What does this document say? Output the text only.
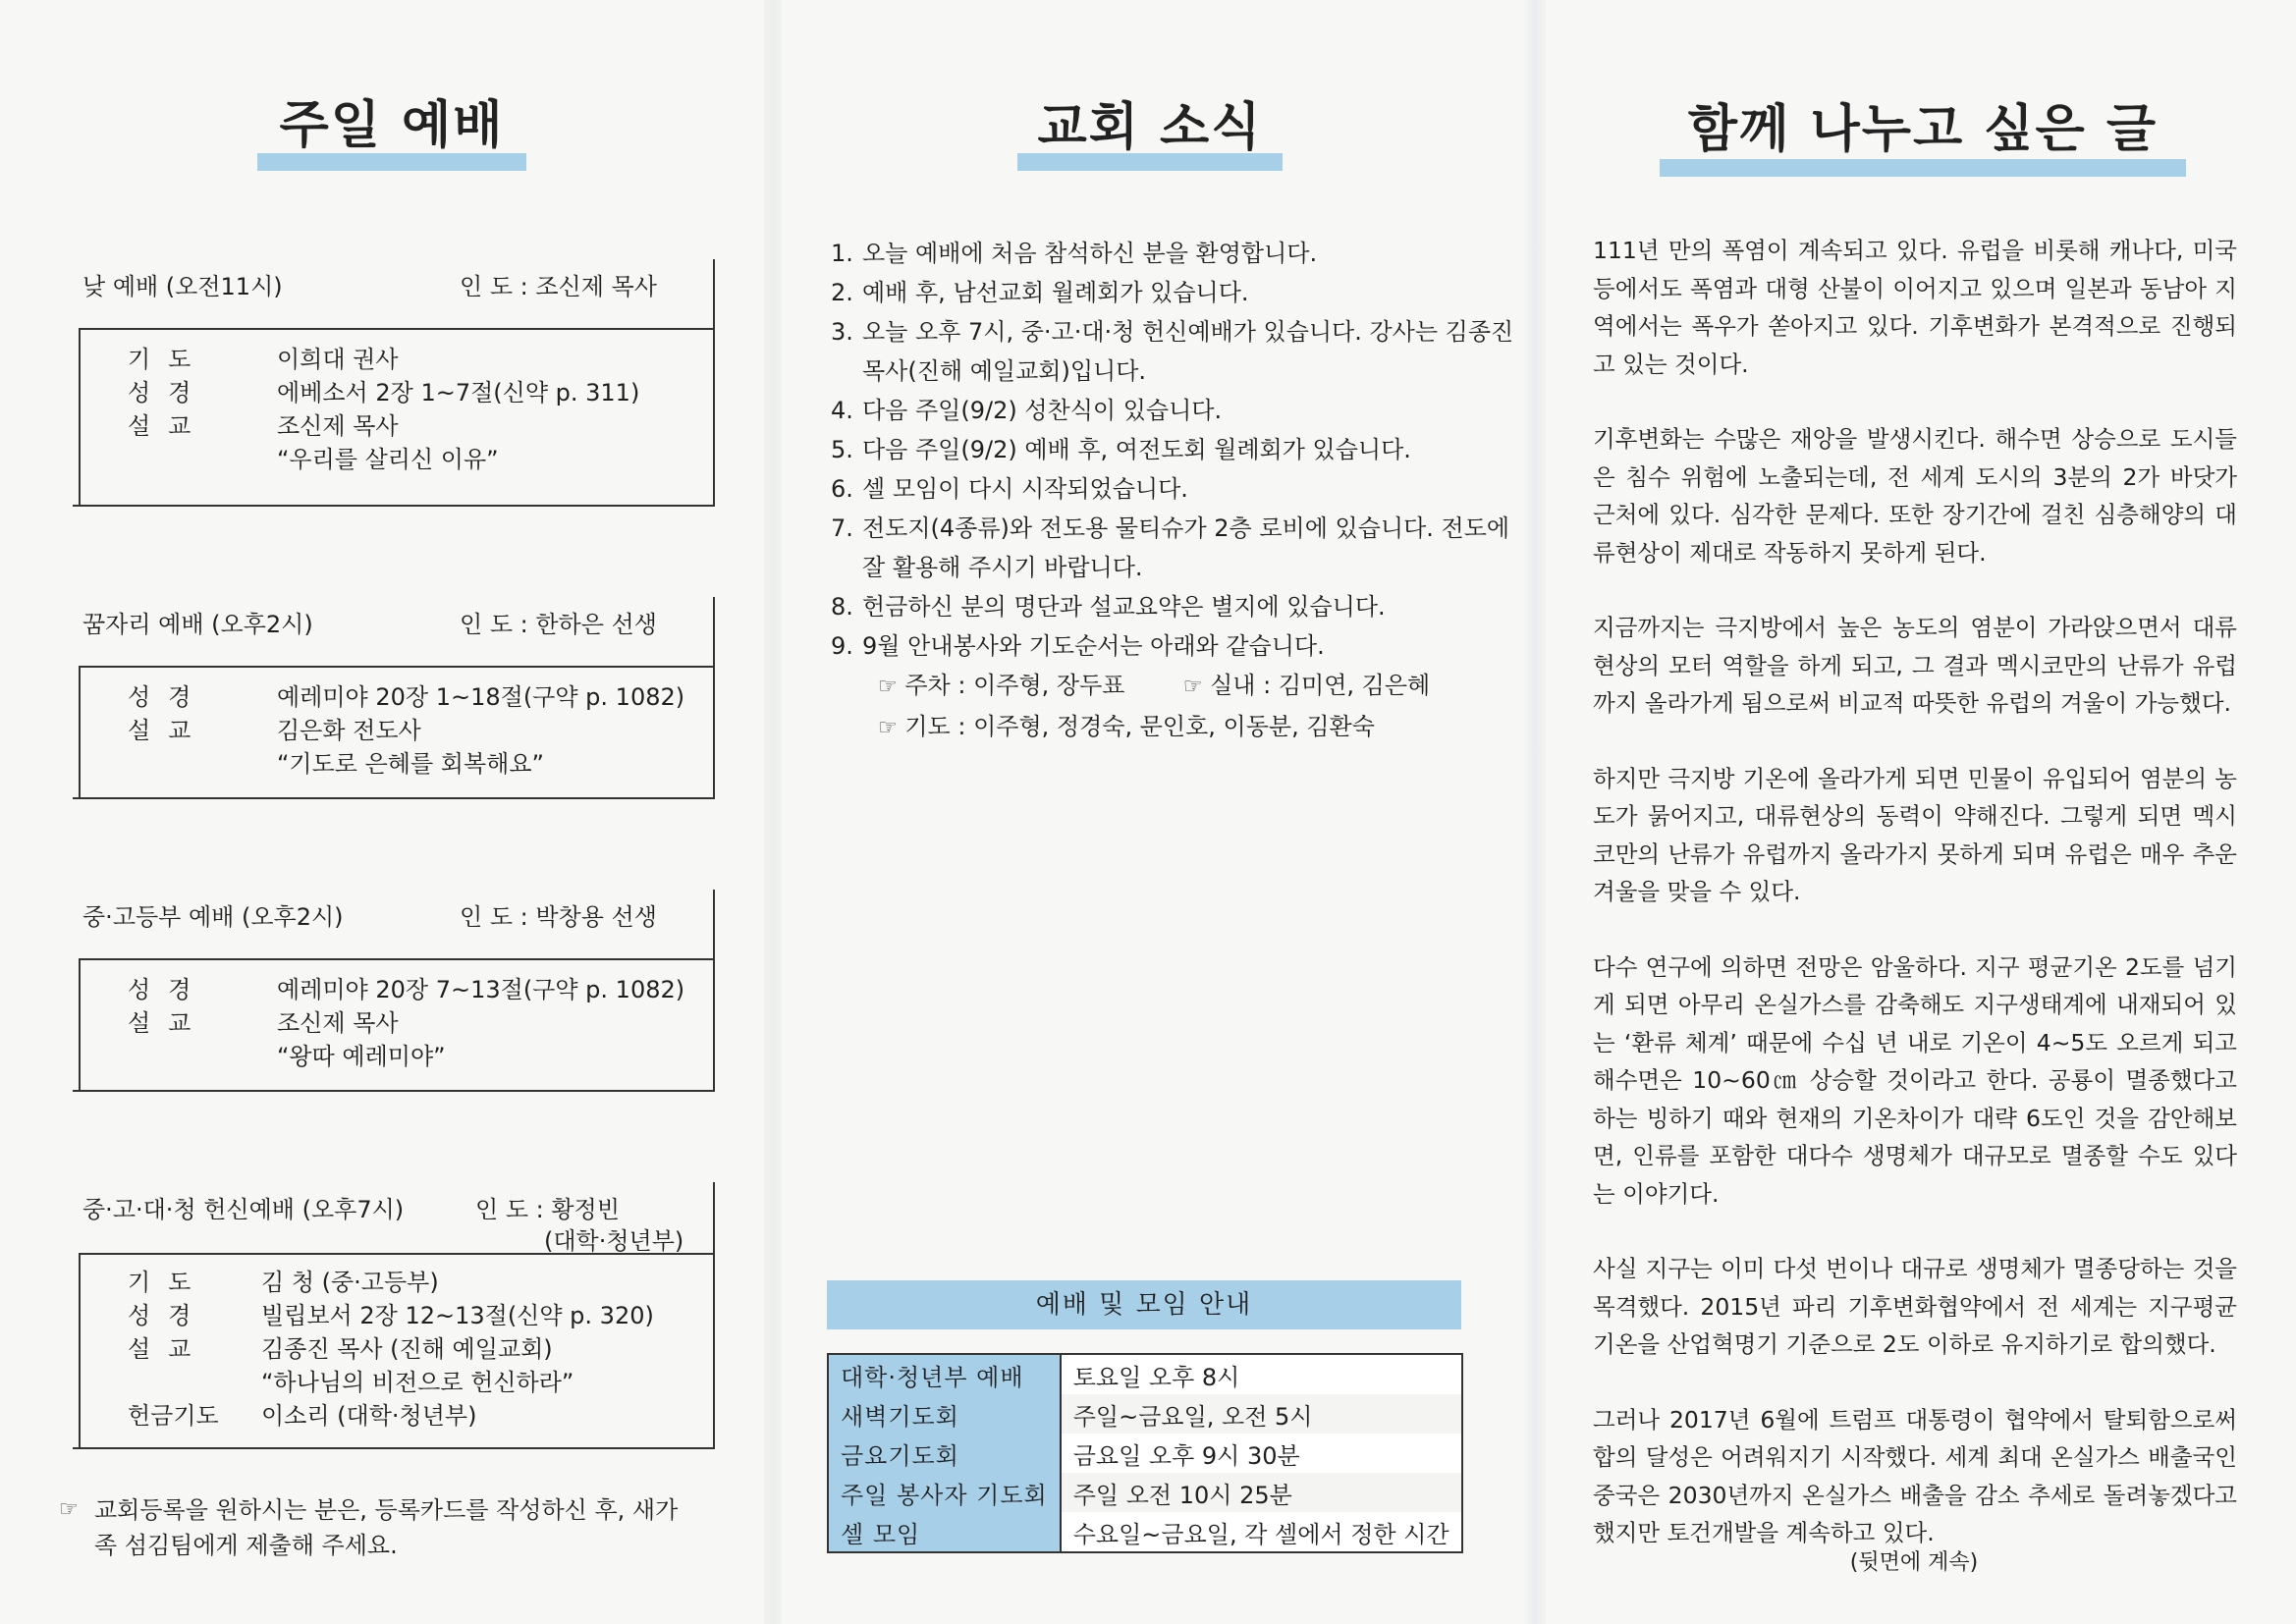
주일 예배
낮 예배 (오전11시)	인 도 : 조신제 목사
기도	이희대 권사
성경	에베소서 2장 1~7절(신약 p. 311)
설교	조신제 목사
“우리를 살리신 이유”
꿈자리 예배 (오후2시)	인 도 : 한하은 선생
성경	예레미야 20장 1~18절(구약 p. 1082)
설교	김은화 전도사
“기도로 은혜를 회복해요”
중·고등부 예배 (오후2시)	인 도 : 박창용 선생
성경	예레미야 20장 7~13절(구약 p. 1082)
설교	조신제 목사
“왕따 예레미야”
중·고·대·청 헌신예배 (오후7시)	인 도 : 황정빈
(대학·청년부)
기도 김 청 (중·고등부)
성경 빌립보서 2장 12~13절(신약 p. 320)
설교 김종진 목사 (진해 예일교회)
“하나님의 비전으로 헌신하라”
헌금기도 이소리 (대학·청년부)
☞ 교회등록을 원하시는 분은, 등록카드를 작성하신 후, 새가족 섬김팀에게 제출해 주세요.
교회 소식
1. 오늘 예배에 처음 참석하신 분을 환영합니다.
2. 예배 후, 남선교회 월례회가 있습니다.
3. 오늘 오후 7시, 중·고·대·청 헌신예배가 있습니다. 강사는 김종진 목사(진해 예일교회)입니다.
4. 다음 주일(9/2) 성찬식이 있습니다.
5. 다음 주일(9/2) 예배 후, 여전도회 월례회가 있습니다.
6. 셀 모임이 다시 시작되었습니다.
7. 전도지(4종류)와 전도용 물티슈가 2층 로비에 있습니다. 전도에 잘 활용해 주시기 바랍니다.
8. 헌금하신 분의 명단과 설교요약은 별지에 있습니다.
9. 9월 안내봉사와 기도순서는 아래와 같습니다.
☞ 주차 : 이주형, 장두표	☞ 실내 : 김미연, 김은혜
☞ 기도 : 이주형, 정경숙, 문인호, 이동분, 김환숙
예배 및 모임 안내
대학·청년부 예배	토요일 오후 8시
새벽기도회	주일~금요일, 오전 5시
금요기도회	금요일 오후 9시 30분
주일 봉사자 기도회	주일 오전 10시 25분
셀 모임	수요일~금요일, 각 셀에서 정한 시간
함께 나누고 싶은 글

111년 만의 폭염이 계속되고 있다. 유럽을 비롯해 캐나다, 미국 등에서도 폭염과 대형 산불이 이어지고 있으며 일본과 동남아 지역에서는 폭우가 쏟아지고 있다. 기후변화가 본격적으로 진행되고 있는 것이다.

기후변화는 수많은 재앙을 발생시킨다. 해수면 상승으로 도시들은 침수 위험에 노출되는데, 전 세계 도시의 3분의 2가 바닷가 근처에 있다. 심각한 문제다. 또한 장기간에 걸친 심층해양의 대류현상이 제대로 작동하지 못하게 된다.

지금까지는 극지방에서 높은 농도의 염분이 가라앉으면서 대류현상의 모터 역할을 하게 되고, 그 결과 멕시코만의 난류가 유럽까지 올라가게 됨으로써 비교적 따뜻한 유럽의 겨울이 가능했다.

하지만 극지방 기온에 올라가게 되면 민물이 유입되어 염분의 농도가 묽어지고, 대류현상의 동력이 약해진다. 그렇게 되면 멕시코만의 난류가 유럽까지 올라가지 못하게 되며 유럽은 매우 추운 겨울을 맞을 수 있다.

다수 연구에 의하면 전망은 암울하다. 지구 평균기온 2도를 넘기게 되면 아무리 온실가스를 감축해도 지구생태계에 내재되어 있는 ‘환류 체계’ 때문에 수십 년 내로 기온이 4~5도 오르게 되고 해수면은 10~60㎝ 상승할 것이라고 한다. 공룡이 멸종했다고 하는 빙하기 때와 현재의 기온차이가 대략 6도인 것을 감안해보면, 인류를 포함한 대다수 생명체가 대규모로 멸종할 수도 있다는 이야기다.

사실 지구는 이미 다섯 번이나 대규로 생명체가 멸종당하는 것을 목격했다. 2015년 파리 기후변화협약에서 전 세계는 지구평균기온을 산업혁명기 기준으로 2도 이하로 유지하기로 합의했다.

그러나 2017년 6월에 트럼프 대통령이 협약에서 탈퇴함으로써 합의 달성은 어려워지기 시작했다. 세계 최대 온실가스 배출국인 중국은 2030년까지 온실가스 배출을 감소 추세로 돌려놓겠다고 했지만 토건개발을 계속하고 있다.

(뒷면에 계속)
